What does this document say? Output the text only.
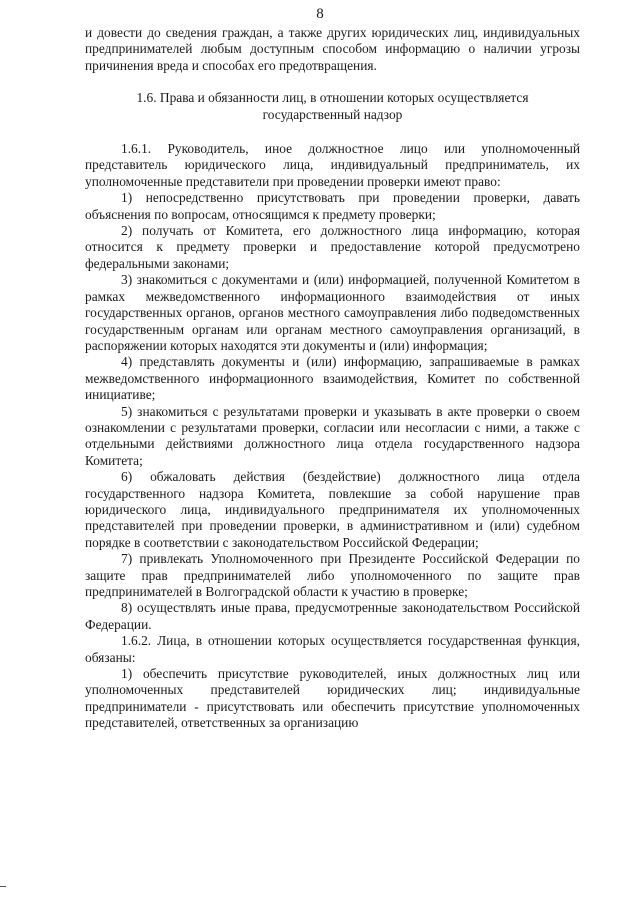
8

и довести до сведения граждан, а также других юридических лиц, индивидуальных предпринимателей любым доступным способом информацию о наличии угрозы причинения вреда и способах его предотвращения.

1.6. Права и обязанности лиц, в отношении которых осуществляется
государственный надзор

1.6.1. Руководитель, иное должностное лицо или уполномоченный представитель юридического лица, индивидуальный предприниматель, их уполномоченные представители при проведении проверки имеют право:

1) непосредственно присутствовать при проведении проверки, давать объяснения по вопросам, относящимся к предмету проверки;

2) получать от Комитета, его должностного лица информацию, которая относится к предмету проверки и предоставление которой предусмотрено федеральными законами;

3) знакомиться с документами и (или) информацией, полученной Комитетом в рамках межведомственного информационного взаимодействия от иных государственных органов, органов местного самоуправления либо подведомственных государственным органам или органам местного самоуправления организаций, в распоряжении которых находятся эти документы и (или) информация;

4) представлять документы и (или) информацию, запрашиваемые в рамках межведомственного информационного взаимодействия, Комитет по собственной инициативе;

5) знакомиться с результатами проверки и указывать в акте проверки о своем ознакомлении с результатами проверки, согласии или несогласии с ними, а также с отдельными действиями должностного лица отдела государственного надзора Комитета;

6) обжаловать действия (бездействие) должностного лица отдела государственного надзора Комитета, повлекшие за собой нарушение прав юридического лица, индивидуального предпринимателя их уполномоченных представителей при проведении проверки, в административном и (или) судебном порядке в соответствии с законодательством Российской Федерации;

7) привлекать Уполномоченного при Президенте Российской Федерации по защите прав предпринимателей либо уполномоченного по защите прав предпринимателей в Волгоградской области к участию в проверке;

8) осуществлять иные права, предусмотренные законодательством Российской Федерации.

1.6.2. Лица, в отношении которых осуществляется государственная функция, обязаны:

1) обеспечить присутствие руководителей, иных должностных лиц или уполномоченных представителей юридических лиц; индивидуальные предприниматели - присутствовать или обеспечить присутствие уполномоченных представителей, ответственных за организацию
